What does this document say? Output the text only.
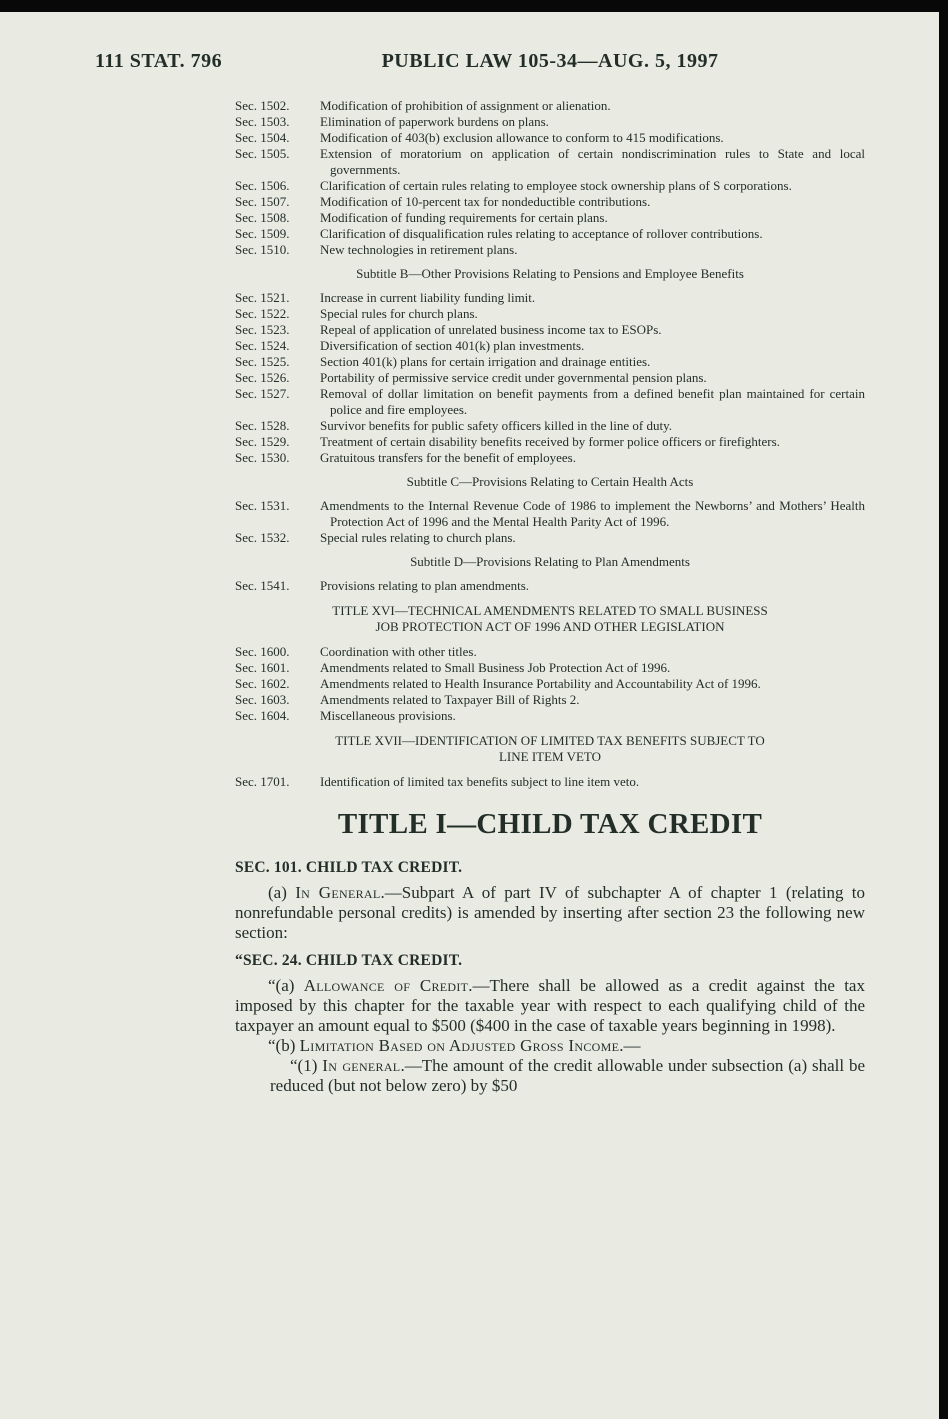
111 STAT. 796	PUBLIC LAW 105-34—AUG. 5, 1997
Sec. 1502.	Modification of prohibition of assignment or alienation.
Sec. 1503.	Elimination of paperwork burdens on plans.
Sec. 1504.	Modification of 403(b) exclusion allowance to conform to 415 modifications.
Sec. 1505.	Extension of moratorium on application of certain nondiscrimination rules to State and local governments.
Sec. 1506.	Clarification of certain rules relating to employee stock ownership plans of S corporations.
Sec. 1507.	Modification of 10-percent tax for nondeductible contributions.
Sec. 1508.	Modification of funding requirements for certain plans.
Sec. 1509.	Clarification of disqualification rules relating to acceptance of rollover contributions.
Sec. 1510.	New technologies in retirement plans.
Subtitle B—Other Provisions Relating to Pensions and Employee Benefits
Sec. 1521.	Increase in current liability funding limit.
Sec. 1522.	Special rules for church plans.
Sec. 1523.	Repeal of application of unrelated business income tax to ESOPs.
Sec. 1524.	Diversification of section 401(k) plan investments.
Sec. 1525.	Section 401(k) plans for certain irrigation and drainage entities.
Sec. 1526.	Portability of permissive service credit under governmental pension plans.
Sec. 1527.	Removal of dollar limitation on benefit payments from a defined benefit plan maintained for certain police and fire employees.
Sec. 1528.	Survivor benefits for public safety officers killed in the line of duty.
Sec. 1529.	Treatment of certain disability benefits received by former police officers or firefighters.
Sec. 1530.	Gratuitous transfers for the benefit of employees.
Subtitle C—Provisions Relating to Certain Health Acts
Sec. 1531.	Amendments to the Internal Revenue Code of 1986 to implement the Newborns’ and Mothers’ Health Protection Act of 1996 and the Mental Health Parity Act of 1996.
Sec. 1532.	Special rules relating to church plans.
Subtitle D—Provisions Relating to Plan Amendments
Sec. 1541.	Provisions relating to plan amendments.
TITLE XVI—TECHNICAL AMENDMENTS RELATED TO SMALL BUSINESS
JOB PROTECTION ACT OF 1996 AND OTHER LEGISLATION
Sec. 1600.	Coordination with other titles.
Sec. 1601.	Amendments related to Small Business Job Protection Act of 1996.
Sec. 1602.	Amendments related to Health Insurance Portability and Accountability Act of 1996.
Sec. 1603.	Amendments related to Taxpayer Bill of Rights 2.
Sec. 1604.	Miscellaneous provisions.
TITLE XVII—IDENTIFICATION OF LIMITED TAX BENEFITS SUBJECT TO
LINE ITEM VETO
Sec. 1701.	Identification of limited tax benefits subject to line item veto.
TITLE I—CHILD TAX CREDIT
SEC. 101. CHILD TAX CREDIT.

(a) In General.—Subpart A of part IV of subchapter A of chapter 1 (relating to nonrefundable personal credits) is amended by inserting after section 23 the following new section:

“SEC. 24. CHILD TAX CREDIT.

“(a) Allowance of Credit.—There shall be allowed as a credit against the tax imposed by this chapter for the taxable year with respect to each qualifying child of the taxpayer an amount equal to $500 ($400 in the case of taxable years beginning in 1998).

“(b) Limitation Based on Adjusted Gross Income.—

“(1) In general.—The amount of the credit allowable under subsection (a) shall be reduced (but not below zero) by $50
